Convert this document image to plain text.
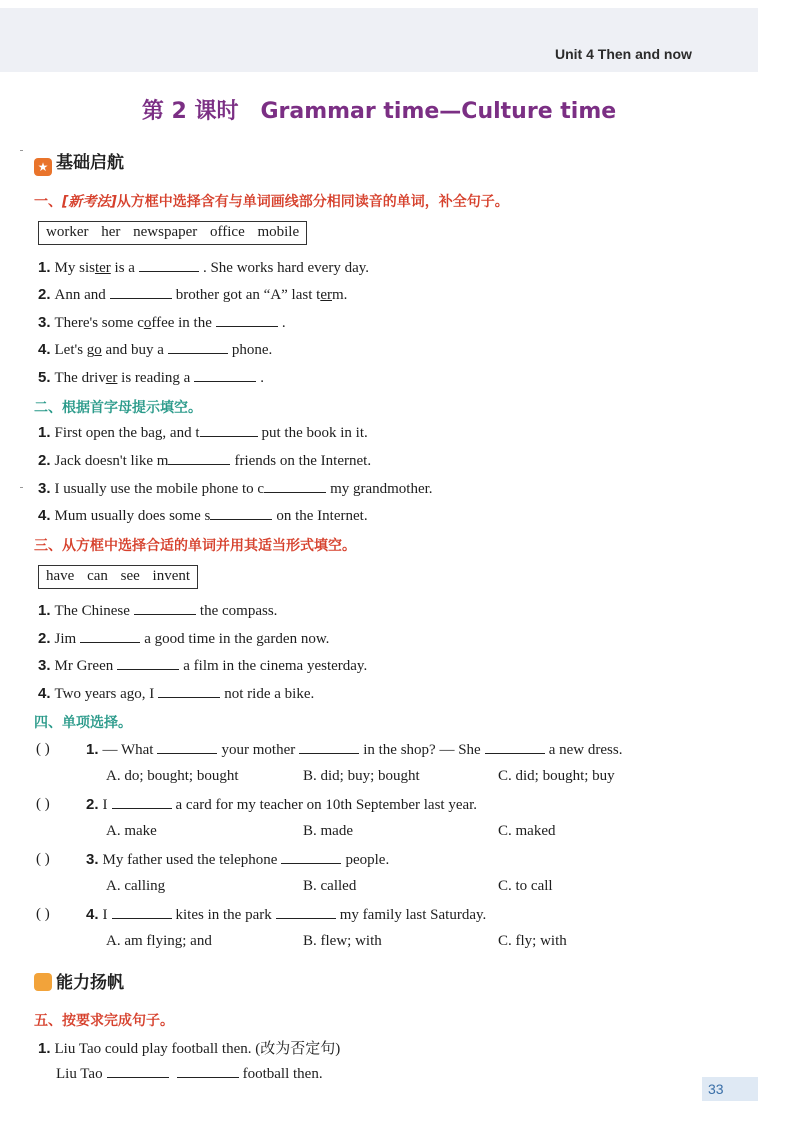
Unit 4 Then and now
第 2 课时 Grammar time—Culture time
★ 基础启航
一、[新考法]从方框中选择含有与单词画线部分相同读音的单词，补全句子。
worker her newspaper office mobile
1. My sister is a	. She works hard every day.
2. Ann and	brother got an “A” last term.
3. There's some coffee in the	.
4. Let's go and buy a	phone.
5. The driver is reading a	.
二、根据首字母提示填空。
1. First open the bag, and t	put the book in it.
2. Jack doesn't like m	friends on the Internet.
3. I usually use the mobile phone to c	my grandmother.
4. Mum usually does some s	on the Internet.
三、从方框中选择合适的单词并用其适当形式填空。
have can see invent
1. The Chinese	the compass.
2. Jim	a good time in the garden now.
3. Mr Green	a film in the cinema yesterday.
4. Two years ago, I	not ride a bike.
四、单项选择。
( ) 1. — What	your mother	in the shop? — She	a new dress.
A. do; bought; bought	B. did; buy; bought	C. did; bought; buy
( ) 2. I	a card for my teacher on 10th September last year.
A. make	B. made	C. maked
( ) 3. My father used the telephone	people.
A. calling	B. called	C. to call
( ) 4. I	kites in the park	my family last Saturday.
A. am flying; and	B. flew; with	C. fly; with
能力扬帆
五、按要求完成句子。
1. Liu Tao could play football then. (改为否定句)
Liu Tao	football then.
33
